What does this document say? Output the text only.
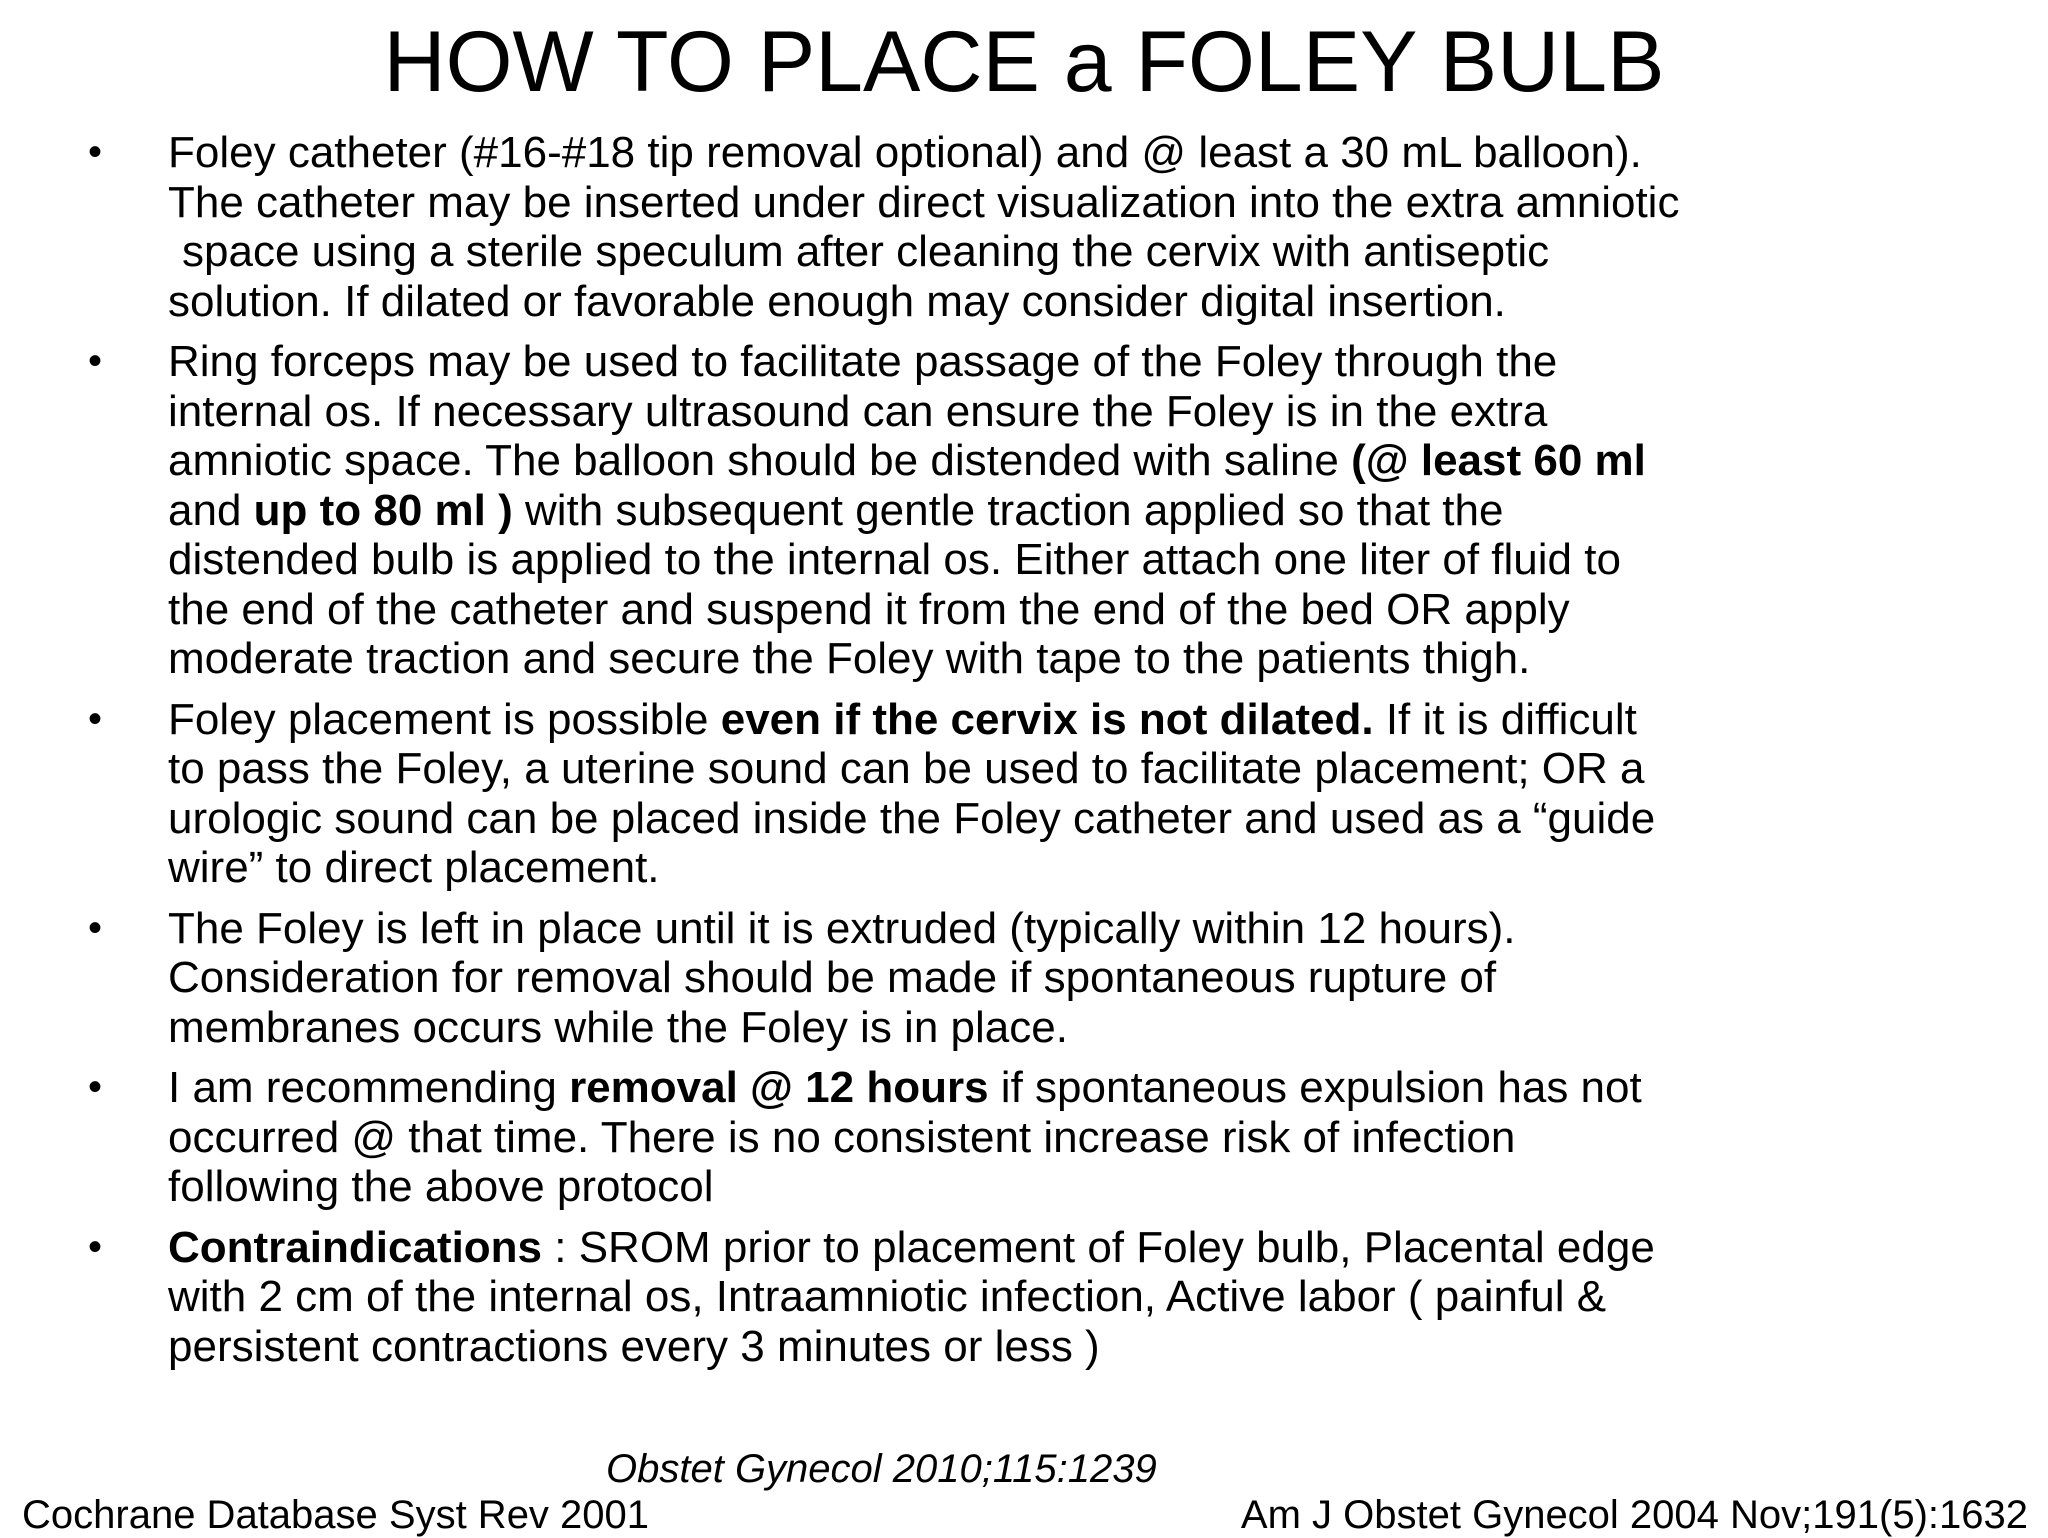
HOW TO PLACE a FOLEY BULB
• Foley catheter (#16-#18 tip removal optional) and @ least a 30 mL balloon).
The catheter may be inserted under direct visualization into the extra amniotic
space using a sterile speculum after cleaning the cervix with antiseptic
solution. If dilated or favorable enough may consider digital insertion.
• Ring forceps may be used to facilitate passage of the Foley through the
internal os. If necessary ultrasound can ensure the Foley is in the extra
amniotic space. The balloon should be distended with saline (@ least 60 ml
and up to 80 ml ) with subsequent gentle traction applied so that the
distended bulb is applied to the internal os. Either attach one liter of fluid to
the end of the catheter and suspend it from the end of the bed OR apply
moderate traction and secure the Foley with tape to the patients thigh.
• Foley placement is possible even if the cervix is not dilated. If it is difficult
to pass the Foley, a uterine sound can be used to facilitate placement; OR a
urologic sound can be placed inside the Foley catheter and used as a “guide
wire” to direct placement.
• The Foley is left in place until it is extruded (typically within 12 hours).
Consideration for removal should be made if spontaneous rupture of
membranes occurs while the Foley is in place.
• I am recommending removal @ 12 hours if spontaneous expulsion has not
occurred @ that time. There is no consistent increase risk of infection
following the above protocol
• Contraindications : SROM prior to placement of Foley bulb, Placental edge
with 2 cm of the internal os, Intraamniotic infection, Active labor ( painful &
persistent contractions every 3 minutes or less )
Obstet Gynecol 2010;115:1239
Cochrane Database Syst Rev 2001	Am J Obstet Gynecol 2004 Nov;191(5):1632
